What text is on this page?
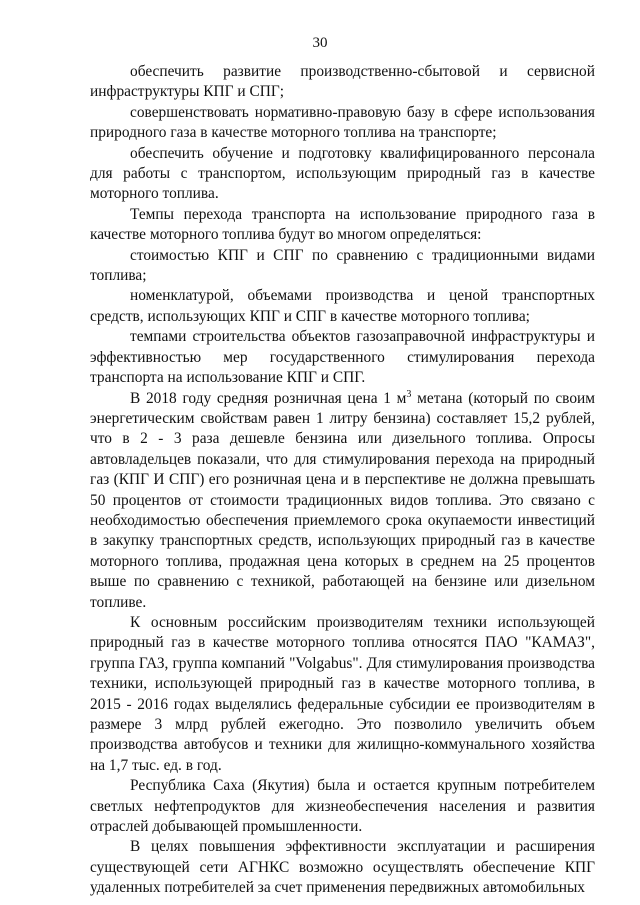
30

обеспечить развитие производственно-сбытовой и сервисной инфраструктуры КПГ и СПГ;

совершенствовать нормативно-правовую базу в сфере использования природного газа в качестве моторного топлива на транспорте;

обеспечить обучение и подготовку квалифицированного персонала для работы с транспортом, использующим природный газ в качестве моторного топлива.

Темпы перехода транспорта на использование природного газа в качестве моторного топлива будут во многом определяться:

стоимостью КПГ и СПГ по сравнению с традиционными видами топлива;

номенклатурой, объемами производства и ценой транспортных средств, использующих КПГ и СПГ в качестве моторного топлива;

темпами строительства объектов газозаправочной инфраструктуры и эффективностью мер государственного стимулирования перехода транспорта на использование КПГ и СПГ.

В 2018 году средняя розничная цена 1 $м^3$ метана (который по своим энергетическим свойствам равен 1 литру бензина) составляет 15,2 рублей, что в 2 - 3 раза дешевле бензина или дизельного топлива. Опросы автовладельцев показали, что для стимулирования перехода на природный газ (КПГ И СПГ) его розничная цена и в перспективе не должна превышать 50 процентов от стоимости традиционных видов топлива. Это связано с необходимостью обеспечения приемлемого срока окупаемости инвестиций в закупку транспортных средств, использующих природный газ в качестве моторного топлива, продажная цена которых в среднем на 25 процентов выше по сравнению с техникой, работающей на бензине или дизельном топливе.

К основным российским производителям техники использующей природный газ в качестве моторного топлива относятся ПАО "КАМАЗ", группа ГАЗ, группа компаний "Volgabus". Для стимулирования производства техники, использующей природный газ в качестве моторного топлива, в 2015 - 2016 годах выделялись федеральные субсидии ее производителям в размере 3 млрд рублей ежегодно. Это позволило увеличить объем производства автобусов и техники для жилищно-коммунального хозяйства на 1,7 тыс. ед. в год.

Республика Саха (Якутия) была и остается крупным потребителем светлых нефтепродуктов для жизнеобеспечения населения и развития отраслей добывающей промышленности.

В целях повышения эффективности эксплуатации и расширения существующей сети АГНКС возможно осуществлять обеспечение КПГ удаленных потребителей за счет применения передвижных автомобильных
